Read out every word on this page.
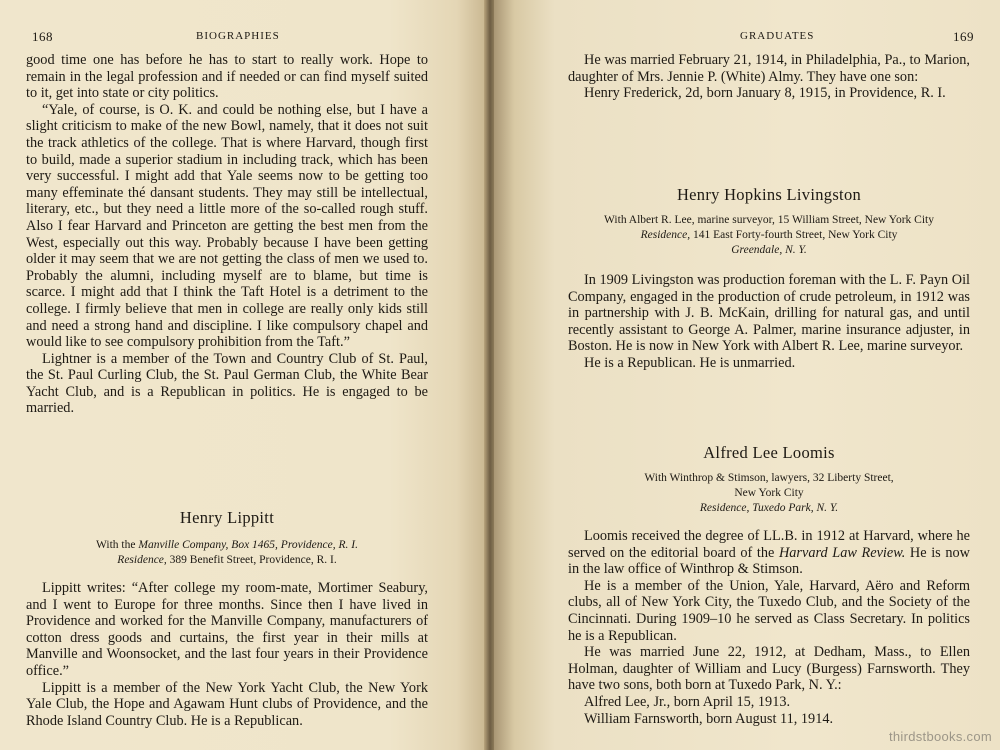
168	BIOGRAPHIES

good time one has before he has to start to really work. Hope to remain in the legal profession and if needed or can find myself suited to it, get into state or city politics.

“Yale, of course, is O. K. and could be nothing else, but I have a slight criticism to make of the new Bowl, namely, that it does not suit the track athletics of the college. That is where Harvard, though first to build, made a superior stadium in including track, which has been very successful. I might add that Yale seems now to be getting too many effeminate thé dansant students. They may still be intellectual, literary, etc., but they need a little more of the so-called rough stuff. Also I fear Harvard and Princeton are getting the best men from the West, especially out this way. Probably because I have been getting older it may seem that we are not getting the class of men we used to. Probably the alumni, including myself are to blame, but time is scarce. I might add that I think the Taft Hotel is a detriment to the college. I firmly believe that men in college are really only kids still and need a strong hand and discipline. I like compulsory chapel and would like to see compulsory prohibition from the Taft.”

Lightner is a member of the Town and Country Club of St. Paul, the St. Paul Curling Club, the St. Paul German Club, the White Bear Yacht Club, and is a Republican in politics. He is engaged to be married.

Henry Lippitt

With the Manville Company, Box 1465, Providence, R. I.

Residence, 389 Benefit Street, Providence, R. I.

Lippitt writes: “After college my room-mate, Mortimer Seabury, and I went to Europe for three months. Since then I have lived in Providence and worked for the Manville Company, manufacturers of cotton dress goods and curtains, the first year in their mills at Manville and Woonsocket, and the last four years in their Providence office.”

Lippitt is a member of the New York Yacht Club, the New York Yale Club, the Hope and Agawam Hunt clubs of Providence, and the Rhode Island Country Club. He is a Republican.

GRADUATES	169

He was married February 21, 1914, in Philadelphia, Pa., to Marion, daughter of Mrs. Jennie P. (White) Almy. They have one son:

Henry Frederick, 2d, born January 8, 1915, in Providence, R. I.

Henry Hopkins Livingston

With Albert R. Lee, marine surveyor, 15 William Street, New York City

Residence, 141 East Forty-fourth Street, New York City

Greendale, N. Y.

In 1909 Livingston was production foreman with the L. F. Payn Oil Company, engaged in the production of crude petroleum, in 1912 was in partnership with J. B. McKain, drilling for natural gas, and until recently assistant to George A. Palmer, marine insurance adjuster, in Boston. He is now in New York with Albert R. Lee, marine surveyor.

He is a Republican. He is unmarried.

Alfred Lee Loomis

With Winthrop & Stimson, lawyers, 32 Liberty Street,

New York City

Residence, Tuxedo Park, N. Y.

Loomis received the degree of LL.B. in 1912 at Harvard, where he served on the editorial board of the Harvard Law Review. He is now in the law office of Winthrop & Stimson.

He is a member of the Union, Yale, Harvard, Aëro and Reform clubs, all of New York City, the Tuxedo Club, and the Society of the Cincinnati. During 1909–10 he served as Class Secretary. In politics he is a Republican.

He was married June 22, 1912, at Dedham, Mass., to Ellen Holman, daughter of William and Lucy (Burgess) Farnsworth. They have two sons, both born at Tuxedo Park, N. Y.:

Alfred Lee, Jr., born April 15, 1913.

William Farnsworth, born August 11, 1914.

thirdstbooks.com
